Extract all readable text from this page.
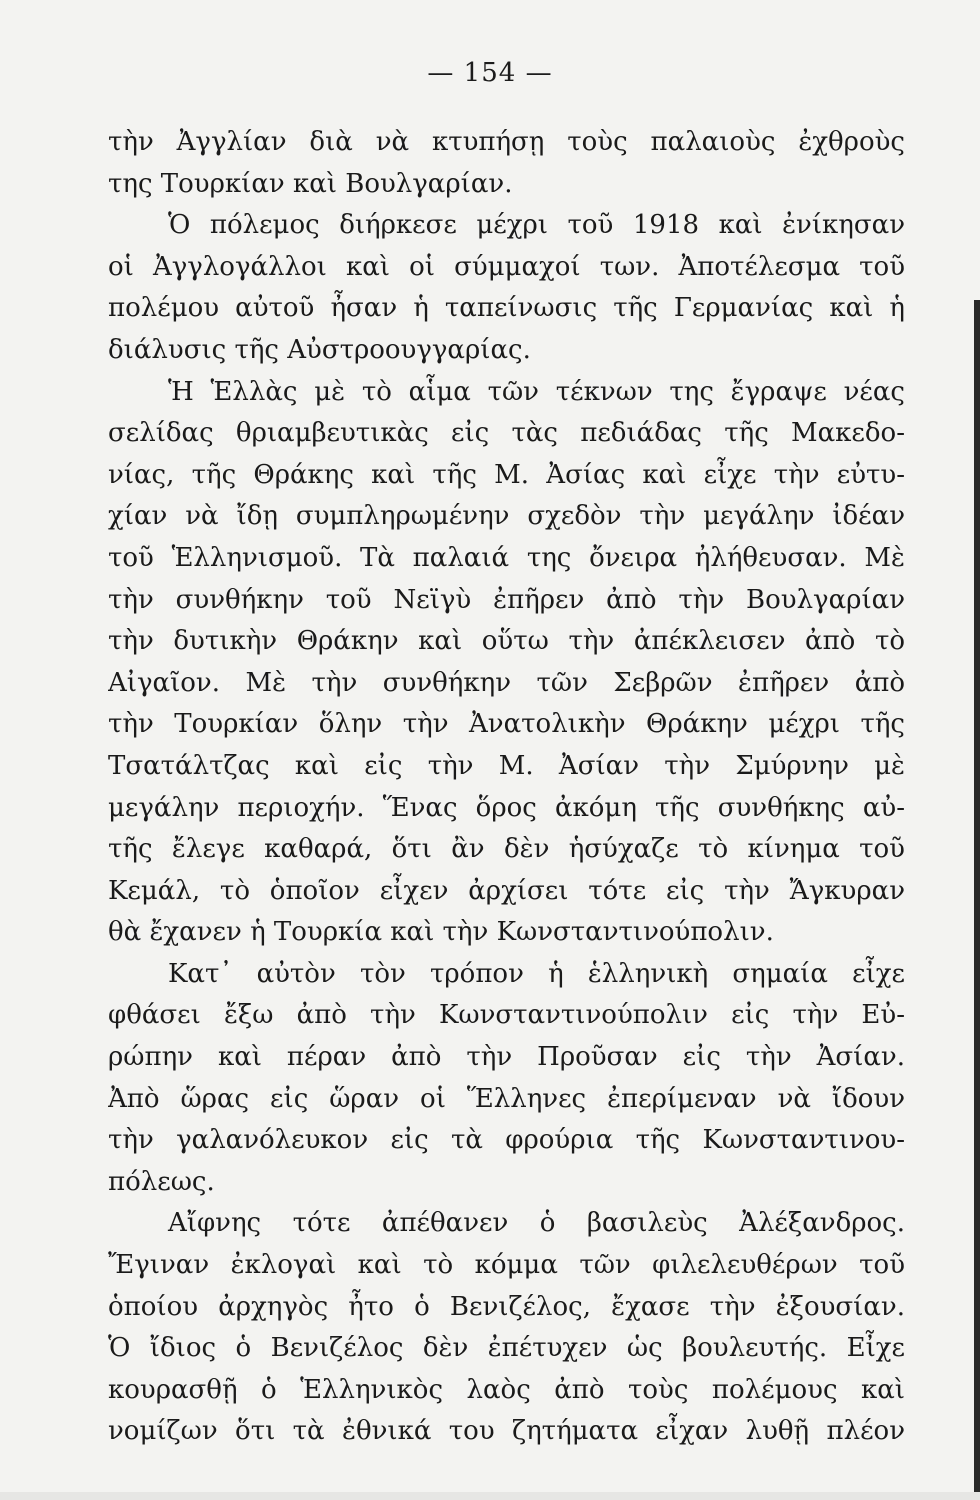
— 154 —
τὴν Ἀγγλίαν διὰ νὰ κτυπήσῃ τοὺς παλαιοὺς ἐχθροὺς
της Τουρκίαν καὶ Βουλγαρίαν.
Ὁ πόλεμος διήρκεσε μέχρι τοῦ 1918 καὶ ἐνίκησαν
οἱ Ἀγγλογάλλοι καὶ οἱ σύμμαχοί των. Ἀποτέλεσμα τοῦ
πολέμου αὐτοῦ ἦσαν ἡ ταπείνωσις τῆς Γερμανίας καὶ ἡ
διάλυσις τῆς Αὐστροουγγαρίας.
Ἡ Ἑλλὰς μὲ τὸ αἷμα τῶν τέκνων της ἔγραψε νέας
σελίδας θριαμβευτικὰς εἰς τὰς πεδιάδας τῆς Μακεδο-
νίας, τῆς Θράκης καὶ τῆς Μ. Ἀσίας καὶ εἶχε τὴν εὐτυ-
χίαν νὰ ἴδῃ συμπληρωμένην σχεδὸν τὴν μεγάλην ἰδέαν
τοῦ Ἑλληνισμοῦ. Τὰ παλαιά της ὄνειρα ἠλήθευσαν. Μὲ
τὴν συνθήκην τοῦ Νεϊγὺ ἐπῆρεν ἀπὸ τὴν Βουλγαρίαν
τὴν δυτικὴν Θράκην καὶ οὕτω τὴν ἀπέκλεισεν ἀπὸ τὸ
Αἰγαῖον. Μὲ τὴν συνθήκην τῶν Σεβρῶν ἐπῆρεν ἀπὸ
τὴν Τουρκίαν ὅλην τὴν Ἀνατολικὴν Θράκην μέχρι τῆς
Τσατάλτζας καὶ εἰς τὴν Μ. Ἀσίαν τὴν Σμύρνην μὲ
μεγάλην περιοχήν. Ἕνας ὅρος ἀκόμη τῆς συνθήκης αὐ-
τῆς ἔλεγε καθαρά, ὅτι ἂν δὲν ἡσύχαζε τὸ κίνημα τοῦ
Κεμάλ, τὸ ὁποῖον εἶχεν ἀρχίσει τότε εἰς τὴν Ἄγκυραν
θὰ ἔχανεν ἡ Τουρκία καὶ τὴν Κωνσταντινούπολιν.
Κατ᾽ αὐτὸν τὸν τρόπον ἡ ἑλληνικὴ σημαία εἶχε
φθάσει ἔξω ἀπὸ τὴν Κωνσταντινούπολιν εἰς τὴν Εὐ-
ρώπην καὶ πέραν ἀπὸ τὴν Προῦσαν εἰς τὴν Ἀσίαν.
Ἀπὸ ὥρας εἰς ὥραν οἱ Ἕλληνες ἐπερίμεναν νὰ ἴδουν
τὴν γαλανόλευκον εἰς τὰ φρούρια τῆς Κωνσταντινου-
πόλεως.
Αἴφνης τότε ἀπέθανεν ὁ βασιλεὺς Ἀλέξανδρος.
Ἔγιναν ἐκλογαὶ καὶ τὸ κόμμα τῶν φιλελευθέρων τοῦ
ὁποίου ἀρχηγὸς ἦτο ὁ Βενιζέλος, ἔχασε τὴν ἐξουσίαν.
Ὁ ἴδιος ὁ Βενιζέλος δὲν ἐπέτυχεν ὡς βουλευτής. Εἶχε
κουρασθῇ ὁ Ἑλληνικὸς λαὸς ἀπὸ τοὺς πολέμους καὶ
νομίζων ὅτι τὰ ἐθνικά του ζητήματα εἶχαν λυθῇ πλέον
